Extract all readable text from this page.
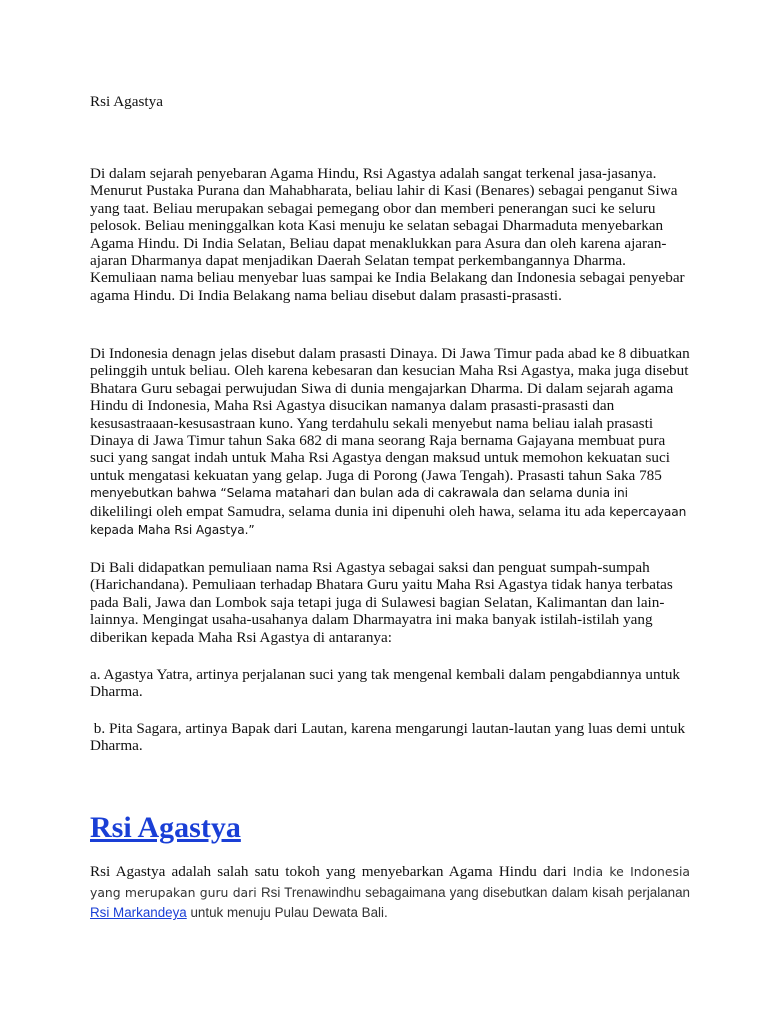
Rsi Agastya

Di dalam sejarah penyebaran Agama Hindu, Rsi Agastya adalah sangat terkenal jasa-jasanya. Menurut Pustaka Purana dan Mahabharata, beliau lahir di Kasi (Benares) sebagai penganut Siwa yang taat. Beliau merupakan sebagai pemegang obor dan memberi penerangan suci ke seluru pelosok. Beliau meninggalkan kota Kasi menuju ke selatan sebagai Dharmaduta menyebarkan Agama Hindu. Di India Selatan, Beliau dapat menaklukkan para Asura dan oleh karena ajaran-ajaran Dharmanya dapat menjadikan Daerah Selatan tempat perkembangannya Dharma. Kemuliaan nama beliau menyebar luas sampai ke India Belakang dan Indonesia sebagai penyebar agama Hindu. Di India Belakang nama beliau disebut dalam prasasti-prasasti.

Di Indonesia denagn jelas disebut dalam prasasti Dinaya. Di Jawa Timur pada abad ke 8 dibuatkan pelinggih untuk beliau. Oleh karena kebesaran dan kesucian Maha Rsi Agastya, maka juga disebut Bhatara Guru sebagai perwujudan Siwa di dunia mengajarkan Dharma. Di dalam sejarah agama Hindu di Indonesia, Maha Rsi Agastya disucikan namanya dalam prasasti-prasasti dan kesusastraaan-kesusastraan kuno. Yang terdahulu sekali menyebut nama beliau ialah prasasti Dinaya di Jawa Timur tahun Saka 682 di mana seorang Raja bernama Gajayana membuat pura suci yang sangat indah untuk Maha Rsi Agastya dengan maksud untuk memohon kekuatan suci untuk mengatasi kekuatan yang gelap. Juga di Porong (Jawa Tengah). Prasasti tahun Saka 785 menyebutkan bahwa “Selama matahari dan bulan ada di cakrawala dan selama dunia ini dikelilingi oleh empat Samudra, selama dunia ini dipenuhi oleh hawa, selama itu ada kepercayaan kepada Maha Rsi Agastya.”

Di Bali didapatkan pemuliaan nama Rsi Agastya sebagai saksi dan penguat sumpah-sumpah (Harichandana). Pemuliaan terhadap Bhatara Guru yaitu Maha Rsi Agastya tidak hanya terbatas pada Bali, Jawa dan Lombok saja tetapi juga di Sulawesi bagian Selatan, Kalimantan dan lain-lainnya. Mengingat usaha-usahanya dalam Dharmayatra ini maka banyak istilah-istilah yang diberikan kepada Maha Rsi Agastya di antaranya:

a. Agastya Yatra, artinya perjalanan suci yang tak mengenal kembali dalam pengabdiannya untuk Dharma.

b. Pita Sagara, artinya Bapak dari Lautan, karena mengarungi lautan-lautan yang luas demi untuk Dharma.

Rsi Agastya

Rsi Agastya adalah salah satu tokoh yang menyebarkan Agama Hindu dari India ke Indonesia yang merupakan guru dari Rsi Trenawindhu sebagaimana yang disebutkan dalam kisah perjalanan Rsi Markandeya untuk menuju Pulau Dewata Bali.
